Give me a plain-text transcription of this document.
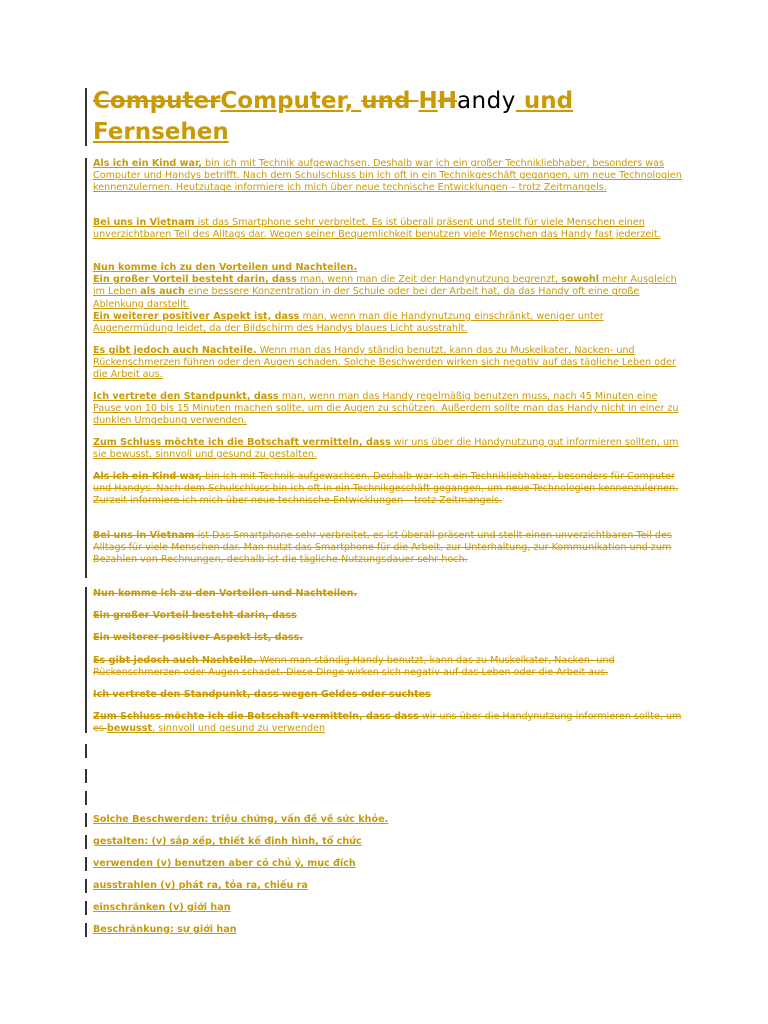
ComputerComputer, und HHandy und
Fernsehen
Als ich ein Kind war, bin ich mit Technik aufgewachsen. Deshalb war ich ein großer Technikliebhaber, besonders was Computer und Handys betrifft. Nach dem Schulschluss bin ich oft in ein Technikgeschäft gegangen, um neue Technologien kennenzulernen. Heutzutage informiere ich mich über neue technische Entwicklungen – trotz Zeitmangels.
Bei uns in Vietnam ist das Smartphone sehr verbreitet. Es ist überall präsent und stellt für viele Menschen einen unverzichtbaren Teil des Alltags dar. Wegen seiner Bequemlichkeit benutzen viele Menschen das Handy fast jederzeit.
Nun komme ich zu den Vorteilen und Nachteilen.
Ein großer Vorteil besteht darin, dass man, wenn man die Zeit der Handynutzung begrenzt, sowohl mehr Ausgleich im Leben als auch eine bessere Konzentration in der Schule oder bei der Arbeit hat, da das Handy oft eine große Ablenkung darstellt.
Ein weiterer positiver Aspekt ist, dass man, wenn man die Handynutzung einschränkt, weniger unter Augenermüdung leidet, da der Bildschirm des Handys blaues Licht ausstrahlt.
Es gibt jedoch auch Nachteile. Wenn man das Handy ständig benutzt, kann das zu Muskelkater, Nacken- und Rückenschmerzen führen oder den Augen schaden. Solche Beschwerden wirken sich negativ auf das tägliche Leben oder die Arbeit aus.
Ich vertrete den Standpunkt, dass man, wenn man das Handy regelmäßig benutzen muss, nach 45 Minuten eine Pause von 10 bis 15 Minuten machen sollte, um die Augen zu schützen. Außerdem sollte man das Handy nicht in einer zu dunklen Umgebung verwenden.
Zum Schluss möchte ich die Botschaft vermitteln, dass wir uns über die Handynutzung gut informieren sollten, um sie bewusst, sinnvoll und gesund zu gestalten.
Als ich ein Kind war, bin ich mit Technik aufgewachsen. Deshalb war ich ein Technikliebhaber, besonders für Computer und Handys. Nach dem Schulschluss bin ich oft in ein Technikgeschäft gegangen, um neue Technologien kennenzulernen. Zurzeit informiere ich mich über neue technische Entwicklungen – trotz Zeitmangels.
Bei uns in Vietnam ist Das Smartphone sehr verbreitet, es ist überall präsent und stellt einen unverzichtbaren Teil des Alltags für viele Menschen dar. Man nutzt das Smartphone für die Arbeit, zur Unterhaltung, zur Kommunikation und zum Bezahlen von Rechnungen, deshalb ist die tägliche Nutzungsdauer sehr hoch.
Nun komme ich zu den Vorteilen und Nachteilen.
Ein großer Vorteil besteht darin, dass
Ein weiterer positiver Aspekt ist, dass.
Es gibt jedoch auch Nachteile. Wenn man ständig Handy benutzt, kann das zu Muskelkater, Nacken- und Rückenschmerzen oder Augen schadet. Diese Dinge wirken sich negativ auf das Leben oder die Arbeit aus.
Ich vertrete den Standpunkt, dass wegen Geldes oder suchtes
Zum Schluss möchte ich die Botschaft vermitteln, dass dass wir uns über die Handynutzung informieren sollte, um es bewusst, sinnvoll und gesund zu verwenden
Solche Beschwerden: triệu chứng, vấn đề về sức khỏe.
gestalten: (v) sắp xếp, thiết kế định hình, tổ chức
verwenden (v) benutzen aber có chủ ý, mục đích
ausstrahlen (v) phát ra, tỏa ra, chiếu ra
einschränken (v) giới hạn
Beschränkung: sự giới hạn
